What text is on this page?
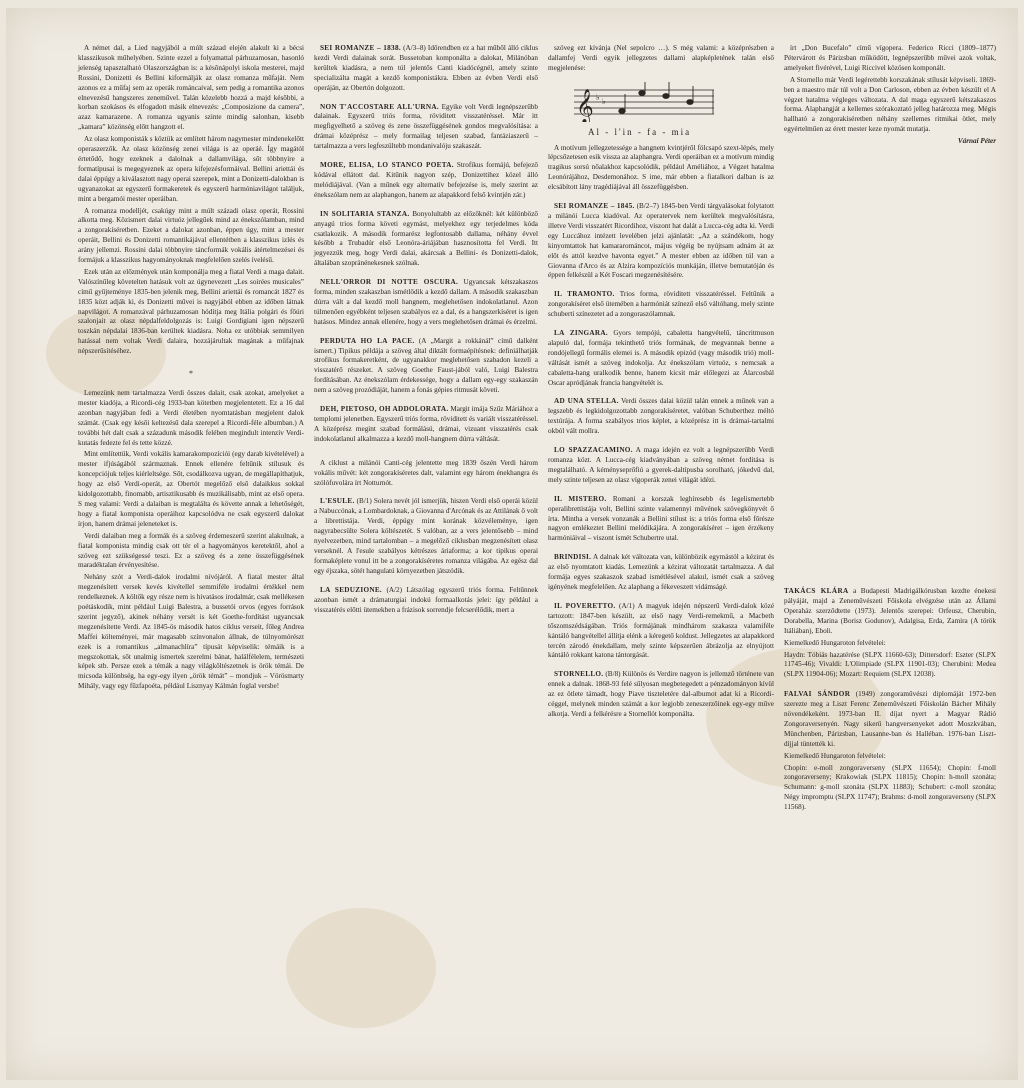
A német dal, a Lied nagyjából a múlt század elején alakult ki a bécsi klasszikusok műhelyében. Szinte ezzel a folyamattal párhuzamosan, hasonló jelenség tapasztalható Olaszországban is: a késõnápolyi iskola mesterei, majd Rossini, Donizetti és Bellini kiformálják az olasz romanza műfaját. Nem azonos ez a műfaj sem az operák románcaival, sem pedig a romantika azonos elnevezésű hangszeres zeneművel. Talán közelebb hozzá a majd késõbbi, a korban szokásos és elfogadott másik elnevezés: „Composizione da camera”, azaz kamarazene. A romanza ugyanis szinte mindig salonban, kisebb „kamara” közönség előtt hangzott el.

Az olasz komponisták s köztük az említett három nagymester mindenekelőtt operaszerzők. Az olasz közönség zenei világa is az operáé. Így magától értetődő, hogy ezeknek a dalolnak a dallamvilága, sőt többnyire a formatípusai is megegyeznek az opera kifejezésformáival. Bellini ariettái és dalai éppúgy a kiválasztott nagy operai szerepek, mint a Donizetti-dalokban is ugyanazokat az egyszerű formakeretek és egyszerű harmóniavilágot találjuk, mint a bergamói mester operáiban.

A romanza modelljét, csakúgy mint a múlt századi olasz operát, Rossini alkotta meg. Közismert dalai virtuóz jellegűek mind az énekszólamban, mind a zongorakíséretben. Ezeket a dalokat azonban, éppen úgy, mint a mester operáit, Bellini és Donizetti romantikájával ellentétben a klasszikus izlés és arány jellemzi. Rossini dalai többnyire táncformák vokális átértelmezései és formájuk a klasszikus hagyományoknak megfelelően szelés ívelésű.

Ezek után az előzmények után komponálja meg a fiatal Verdi a maga dalait. Valószínűleg követelten hatásuk volt az úgynevezett „Les soirées musicales” című gyűjteménye 1835-ben jelenik meg, Bellini ariettái és romancát 1827 és 1835 közt adják ki, és Donizetti művei is nagyjából ebben az időben látnak napvilágot. A romanzával párhuzamosan hódítja meg Itália polgári és főúri szalonjait az olasz népdalfeldolgozás is: Luigi Gordigiani igen népszerű toszkán népdalai 1836-ban kerültek kiadásra. Noha ez utóbbiak semmilyen hatással nem voltak Verdi dalaira, hozzájárultak magának a műfajnak népszerűsítéséhez.

*

Lemezünk nem tartalmazza Verdi összes dalait, csak azokat, amelyeket a mester kiadója, a Ricordi-cég 1933-ban kötetben megjelentetett. Ez a 16 dal azonban nagyjában fedi a Verdi életében nyomtatásban megjelent dalok számát. (Csak egy késői keltezésű dala szerepel a Ricordi-féle albumban.) A további hét dalt csak a századunk második felében megindult intenzív Verdi-kutatás fedezte fel és tette közzé.

Mint említettük, Verdi vokális kamarakompozíciói (egy darab kivételével) a mester ifjúságából származnak. Ennek ellenére feltűnik stílusuk és koncepciójuk teljes kiérleltsége. Sőt, csodálkozva ugyan, de megállapíthatjuk, hogy az első Verdi-operát, az Obertót megelőző első dalaikkus sokkal kidolgozottabb, finomabb, artisztikusabb és muzikálisabb, mint az első opera. S meg valami: Verdi a dalaiban is megtalálta és követte annak a lehetőségét, hogy a fiatal komponista operáihoz kapcsolódva ne csak egyszerű dalokat írjon, hanem drámai jeleneteket is.

Verdi dalaiban meg a formák és a szöveg érdemeszerű szerint alakulnak, a fiatal komponista mindig csak ott tér el a hagyományos keretektől, ahol a szöveg ezt szükségessé teszi. Ez a szöveg és a zene összefüggésének maradéktalan érvényesítése.

Nehány szót a Verdi-dalok irodalmi nívójáról. A fiatal mester által megzenésített versek kevés kivétellel semmiféle irodalmi értékkel nem rendelkeznek. A költők egy része nem is hivatásos irodalmár, csak mellékesen poétáskodik, mint például Luigi Balestra, a bussetói orvos (egyes források szerint jegyző), akinek néhány versét is két Goethe-fordítást ugyancsak megzenésítette Verdi. Az 1845-ös második hatos ciklus verseit, főleg Andrea Maffei költeményei, már magasabb színvonalon állnak, de túlnyomórészt ezek is a romantikus „almanachlíra” típusát képviselik: témáik is a megszokottak, sőt unalmig ismertek szerelmi bánat, halálfélelem, természeti képek stb. Persze ezek a témák a nagy világköltészetnek is örök témái. De micsoda különbség, ha egy-egy ilyen „örök témát” – mondjuk – Vörösmarty Mihály, vagy egy fűzfapoéta, például Lisznyay Kálmán foglal versbe!

SEI ROMANZE – 1838. (A/3–8) Időrendben ez a hat műből álló ciklus kezdi Verdi dalainak sorát. Bussetoban komponálta a dalokat, Milánóban kerültek kiadásra, a nem túl jelentős Canti kiadócégnél, amely szinte specializálta magát a kezdő komponistákra. Ebben az évben Verdi első operáján, az Obertón dolgozott.

NON T'ACCOSTARE ALL'URNA. Egyike volt Verdi legnépszerűbb dalainak. Egyszerű triós forma, röviditett visszatéréssel. Már itt megfigyelhető a szöveg és zene összefüggésének gondos megvalósítása: a drámai középrész – mely formailag teljesen szabad, fantáziaszerű – tartalmazza a vers legfeszültebb mondanivalóju szakaszát.

MORE, ELISA, LO STANCO POETA. Strofikus formájú, befejező kódával ellátott dal. Kitűnik nagyon szép, Donizettihez közel álló melódiájával. (Van a műnek egy alternatív befejezése is, mely szerint az énekszólam nem az alaphangon, hanem az alapakkord felső kvintjén zár.)

IN SOLITARIA STANZA. Bonyolultabb az előzőknél: két különböző anyagú trios forma követi egymást, melyekhez egy terjedelmes kóda csatlakozik. A második formarész legfontosabb dallama, néhány évvel később a Trubadúr első Leonóra-áriájában hasznosította fel Verdi. Itt jegyezzük meg, hogy Verdi dalai, akárcsak a Bellini- és Donizetti-dalok, általában szopránénekesnek szólnak.

NELL'ORROR DI NOTTE OSCURA. Ugyancsak kétszakaszos forma, minden szakaszban ismétlődik a kezdő dallam. A második szakaszban dúrra vált a dal kezdő moll hangnem, meglehetősen indokolatlanul. Azon túlmenően egyébként teljesen szabályos ez a dal, és a hangszerkíséret is igen hatásos. Mindez annak ellenére, hogy a vers meglehetősen drámai és érzelmi.

PERDUTA HO LA PACE. (A „Margit a rokkánál” című dalként ismert.) Tipikus példája a szöveg által diktált formaépítésnek: definiálhatják strofikus formakeretként, de ugyanakkor meglehetősen szabadon kezeli a visszatérő részeket. A szöveg Goethe Faust-jából való, Luigi Balestra fordításában. Az énekszólam érdekessége, hogy a dallam egy-egy szakaszán nem a szöveg prozódiáját, hanem a fonás gépies ritmusát követi.

DEH, PIETOSO, OH ADDOLORATA. Margit imája Szűz Máriához a templomi jelenetben. Egyszerű triós forma, röviditett és variált visszatéréssel. A középrész megint szabad formálású, drámai, vizuant visszatérés csak indokolatlanul alkalmazza a kezdő moll-hangnem dúrra váltását.

A ciklust a milánói Canti-cég jelentette meg 1839 őszén Verdi három vokális művét: két zongorakíséretes dalt, valamint egy három énekhangra és szólófuvolára írt Notturnót.

L'ESULE. (B/1) Solera nevét jól ismerjük, hiszen Verdi első operái közül a Nabuccónak, a Lombardoknak, a Giovanna d'Arcónak és az Attilának ő volt a librettistája. Verdi, éppúgy mint korának közvéleménye, igen nagyrabecsülte Solera költészetét. S valóban, az a vers jelentősebb – mind nyelvezetben, mind tartalomban – a megelőző ciklusban megzenésített olasz verseknél. A l'esule szabályos kétrészes áriaforma; a kor tipikus operai formaképlete vonul itt be a zongorakíséretes romanza világába. Az egész dal egy éjszaka, sötét hangulatú környezetben játszódik.

LA SEDUZIONE. (A/2) Látszólag egyszerű triós forma. Feltűnnek azonban ismét a drámaturgiai indokú formaalkotás jelei: így például a visszatérés előtti ütemekben a frázisok sorrendje felcserélődik, mert a

szöveg ezt kívánja (Nel sepolcro …). S még valami: a középrészben a dallamfej Verdi egyik jellegzetes dallami alapképletének talán első megjelenése:

𝄞 ♭ ♭
Al - l'in - fa - mia

A motívum jellegzetessége a hangnem kvintjéről fölcsapó szext-lépés, mely lépcsőzetesen esik vissza az alaphangra. Verdi operáiban ez a motívum mindig tragikus sorsú nőalakhoz kapcsolódik, például Améliához, a Végzet hatalma Leonórájához, Desdemonához. S ime, már ebben a fiatalkori dalban is az elcsábított lány tragédiájával áll összefüggésben.

SEI ROMANZE – 1845. (B/2–7) 1845-ben Verdi tárgyalásokat folytatott a milánói Lucca kiadóval. Az operatervek nem kerültek megvalósításra, illetve Verdi visszatért Ricordihoz, viszont hat dalát a Lucca-cég adta ki. Verdi egy Luccához intézett levelében jelzi ajánlatát: „Az a szándékom, hogy kinyomtattok hat kamararománcot, május végéig be nyújtsam adnám át az előt és attól kezdve havonta egyet.” A mester ebben az időben túl van a Giovanna d'Arco és az Alzira kompozíciós munkáján, illetve bemutatóján és éppen felkészül a Két Foscari megzenésítésére.

IL TRAMONTO. Trios forma, röviditett visszatéréssel. Feltűnik a zongorakíséret első ütemében a harmóniát színező első váltóhang, mely szinte schuberti színezetet ad a zongoraszólamnak.

LA ZINGARA. Gyors tempójú, cabaletta hangvételű, táncritmuson alapuló dal, formája tekinthető triós formának, de megvannak benne a rondójellegű formális elemei is. A második epizód (vagy második trió) moll-váltását ismét a szöveg indokolja. Az énekszólam virtuóz, s nemcsak a cabaletta-hang uralkodik benne, hanem kicsit már előlegezi az Álarcosbál Oscar apródjának francia hangvételét is.

AD UNA STELLA. Verdi összes dalai közül talán ennek a műnek van a legszebb és legkidolgozottabb zongorakíséretet, valóban Schuberthez méltó textúrája. A forma szabályos trios képlet, a középrész itt is drámai-tartalmi okból vált mollra.

LO SPAZZACAMINO. A maga idején ez volt a legnépszerűbb Verdi romanza közt. A Lucca-cég kiadványában a szöveg német fordítása is megtalálható. A kéményseprőfiú a gyerek-daltípusba sorolható, jókedvű dal, mely szinte teljesen az olasz vígoperák zenei világát idézi.

IL MISTERO. Romani a korszak leghíresebb és legelismertebb operalibrettistája volt, Bellini szinte valamennyi művének szövegkönyvét ő írta. Mintha a versek vonzanák a Bellini stílust is: a triós forma első főrésze nagyon emlékeztet Bellini melódikájára. A zongorakíséret – igen érzékeny harmóniáival – viszont ismét Schubertre utal.

BRINDISI. A dalnak két változata van, különbözik egymástól a kézirat és az első nyomtatott kiadás. Lemezünk a kézirat változatát tartalmazza. A dal formája egyes szakaszok szabad ismétlésével alakul, ismét csak a szöveg igényének megfelelően. Az alaphang a fékeveszett vidámságé.

IL POVERETTO. (A/1) A magyuk idején népszerű Verdi-dalok közé tartozott: 1847-ben készült, az első nagy Verdi-remekmű, a Macbeth tőszomszédságában. Triós formájának mindhárom szakasza valamiféle kántáló hangvétellel állítja elénk a kéregető koldust. Jellegzetes az alapakkord tercén zárodó énekdallam, mely szinte képszerűen ábrázolja az elnyújtott kántáló rokkant katona tántorgását.

STORNELLO. (B/8) Különös és Verdire nagyon is jellemző története van ennek a dalnak. 1868-93 felé sűlyosan megbetegedett a pénzadományon kívül az ez ötlete támadt, hogy Piave tiszteletére dal-albumot adat ki a Ricordi-céggel, melynek minden számát a kor legjobb zeneszerzőinek egy-egy műve alkotja. Verdi a felkérésre a Stornellót komponálta.

írt „Don Bucefalo” című vígopera. Federico Ricci (1809–1877) Pétervárott és Párizsban működött, legnépszerűbb művei azok voltak, amelyeket fivérével, Luigi Riccivel közösen komponált.

A Stornello már Verdi legérettebb korszakának stílusát képviseli. 1869-ben a maestro már túl volt a Don Carloson, ebben az évben készült el A végzet hatalma végleges változata. A dal maga egyszerű kétszakaszos forma. Alaphangját a kellemes szórakoztató jelleg határozza meg. Mégis hallható a zongorakíséretben néhány szellemes ritmikai ötlet, mely egyértelműen az érett mester keze nyomát mutatja.

Várnai Péter

TAKÁCS KLÁRA a Budapesti Madrigálkórusban kezdte énekesi pályáját, majd a Zeneművészeti Főiskola elvégzése után az Állami Operaház szerződtette (1973). Jelentős szerepei: Orfeusz, Cherubin, Dorabella, Marina (Borisz Godunov), Adalgisa, Erda, Zamira (A török Itáliában), Eboli.

Kiemelkedő Hungaroton felvételei:

Haydn: Tóbiás hazatérése (SLPX 11660-63); Dittersdorf: Eszter (SLPX 11745-46); Vivaldi: L'Olimpiade (SLPX 11901-03); Cherubini: Medea (SLPX 11904-06); Mozart: Requiem (SLPX 12038).

FALVAI SÁNDOR (1949) zongoraművészi diplomáját 1972-ben szerezte meg a Liszt Ferenc Zeneművészeti Főiskolán Bácher Mihály növendékeként. 1973-ban II. díjat nyert a Magyar Rádió Zongoraversenyén. Nagy sikerű hangversenyeket adott Moszkvában, Münchenben, Párizsban, Lausanne-ban és Halléban. 1976-ban Liszt-díjjal tüntették ki.

Kiemelkedő Hungaroton felvételei:

Chopin: e-moll zongoraverseny (SLPX 11654); Chopin: f-moll zongoraverseny; Krakowiak (SLPX 11815); Chopin: h-moll szonáta; Schumann: g-moll szonáta (SLPX 11883); Schubert: c-moll szonáta; Négy impromptu (SLPX 11747); Brahms: d-moll zongoraverseny (SLPX 11568).
